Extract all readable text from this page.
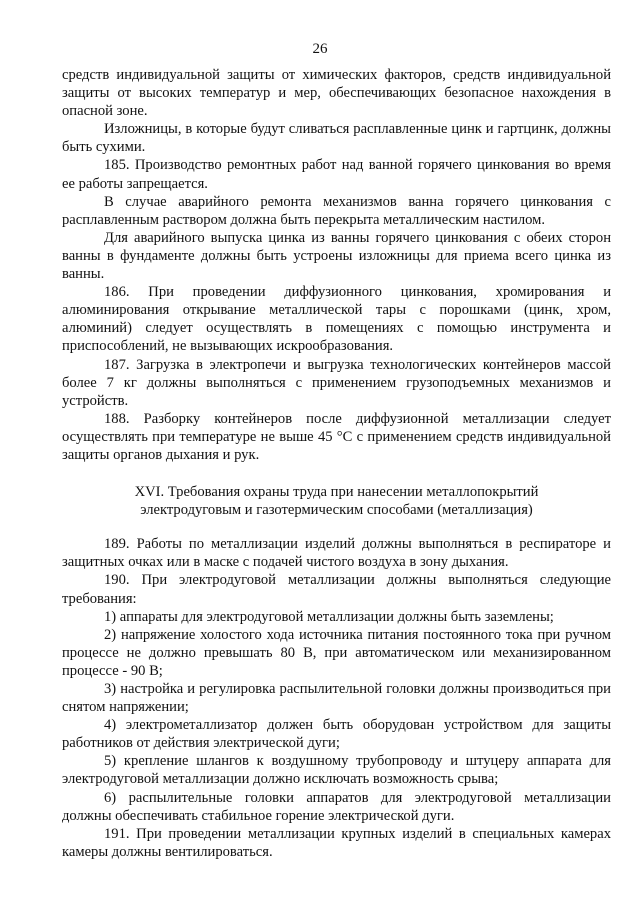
26

средств индивидуальной защиты от химических факторов, средств индивидуальной защиты от высоких температур и мер, обеспечивающих безопасное нахождения в опасной зоне.

Изложницы, в которые будут сливаться расплавленные цинк и гартцинк, должны быть сухими.

185. Производство ремонтных работ над ванной горячего цинкования во время ее работы запрещается.

В случае аварийного ремонта механизмов ванна горячего цинкования с расплавленным раствором должна быть перекрыта металлическим настилом.

Для аварийного выпуска цинка из ванны горячего цинкования с обеих сторон ванны в фундаменте должны быть устроены изложницы для приема всего цинка из ванны.

186. При проведении диффузионного цинкования, хромирования и алюминирования открывание металлической тары с порошками (цинк, хром, алюминий) следует осуществлять в помещениях с помощью инструмента и приспособлений, не вызывающих искрообразования.

187. Загрузка в электропечи и выгрузка технологических контейнеров массой более 7 кг должны выполняться с применением грузоподъемных механизмов и устройств.

188. Разборку контейнеров после диффузионной металлизации следует осуществлять при температуре не выше 45 °С с применением средств индивидуальной защиты органов дыхания и рук.

XVI. Требования охраны труда при нанесении металлопокрытий
электродуговым и газотермическим способами (металлизация)

189. Работы по металлизации изделий должны выполняться в респираторе и защитных очках или в маске с подачей чистого воздуха в зону дыхания.

190. При электродуговой металлизации должны выполняться следующие требования:

1) аппараты для электродуговой металлизации должны быть заземлены;

2) напряжение холостого хода источника питания постоянного тока при ручном процессе не должно превышать 80 В, при автоматическом или механизированном процессе - 90 В;

3) настройка и регулировка распылительной головки должны производиться при снятом напряжении;

4) электрометаллизатор должен быть оборудован устройством для защиты работников от действия электрической дуги;

5) крепление шлангов к воздушному трубопроводу и штуцеру аппарата для электродуговой металлизации должно исключать возможность срыва;

6) распылительные головки аппаратов для электродуговой металлизации должны обеспечивать стабильное горение электрической дуги.

191. При проведении металлизации крупных изделий в специальных камерах камеры должны вентилироваться.
